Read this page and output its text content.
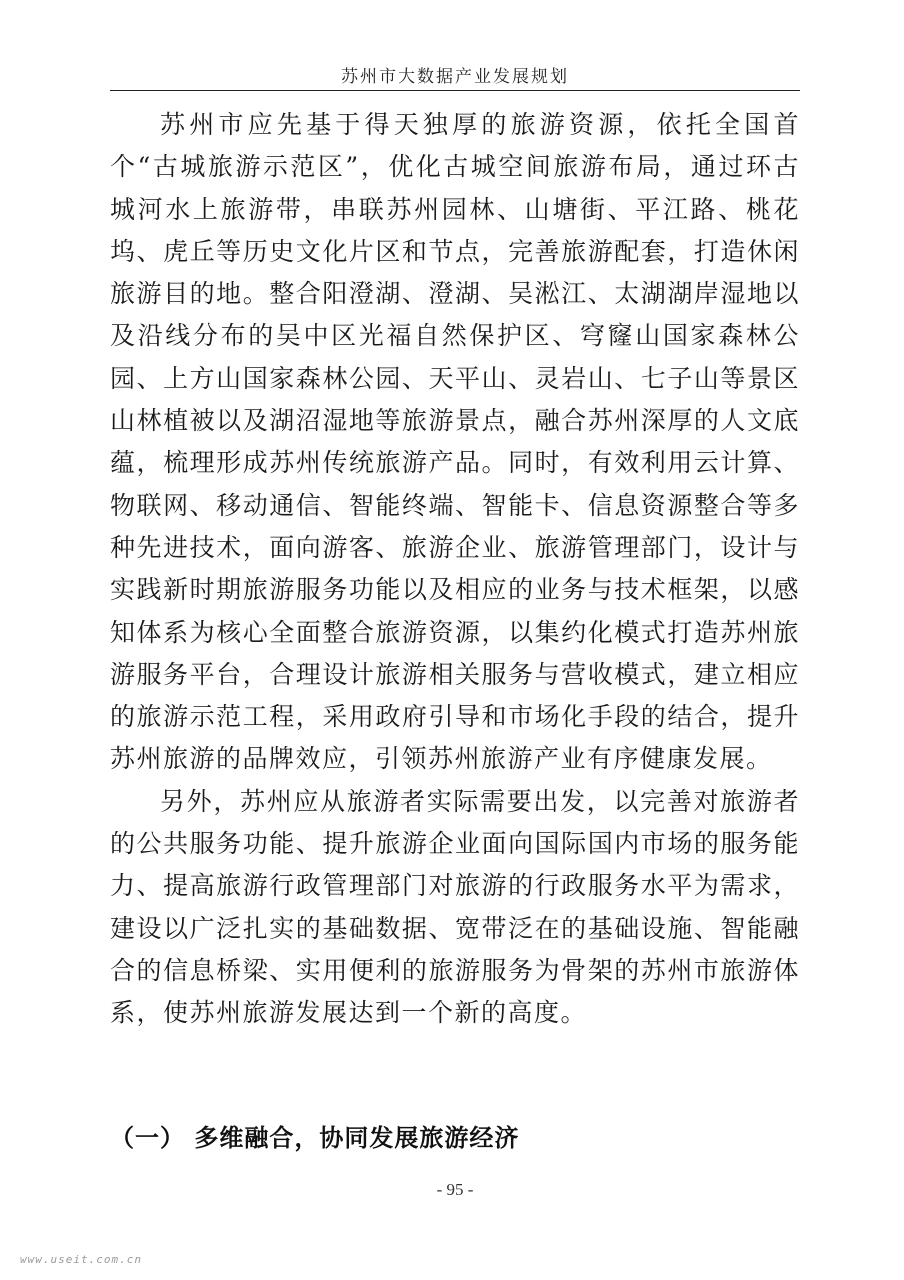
苏州市大数据产业发展规划

苏州市应先基于得天独厚的旅游资源，依托全国首个“古城旅游示范区”，优化古城空间旅游布局，通过环古城河水上旅游带，串联苏州园林、山塘街、平江路、桃花坞、虎丘等历史文化片区和节点，完善旅游配套，打造休闲旅游目的地。整合阳澄湖、澄湖、吴淞江、太湖湖岸湿地以及沿线分布的吴中区光福自然保护区、穹窿山国家森林公园、上方山国家森林公园、天平山、灵岩山、七子山等景区山林植被以及湖沼湿地等旅游景点，融合苏州深厚的人文底蕴，梳理形成苏州传统旅游产品。同时，有效利用云计算、物联网、移动通信、智能终端、智能卡、信息资源整合等多种先进技术，面向游客、旅游企业、旅游管理部门，设计与实践新时期旅游服务功能以及相应的业务与技术框架，以感知体系为核心全面整合旅游资源，以集约化模式打造苏州旅游服务平台，合理设计旅游相关服务与营收模式，建立相应的旅游示范工程，采用政府引导和市场化手段的结合，提升苏州旅游的品牌效应，引领苏州旅游产业有序健康发展。

另外，苏州应从旅游者实际需要出发，以完善对旅游者的公共服务功能、提升旅游企业面向国际国内市场的服务能力、提高旅游行政管理部门对旅游的行政服务水平为需求，建设以广泛扎实的基础数据、宽带泛在的基础设施、智能融合的信息桥梁、实用便利的旅游服务为骨架的苏州市旅游体系，使苏州旅游发展达到一个新的高度。

（一） 多维融合，协同发展旅游经济
- 95 -
www.useit.com.cn
